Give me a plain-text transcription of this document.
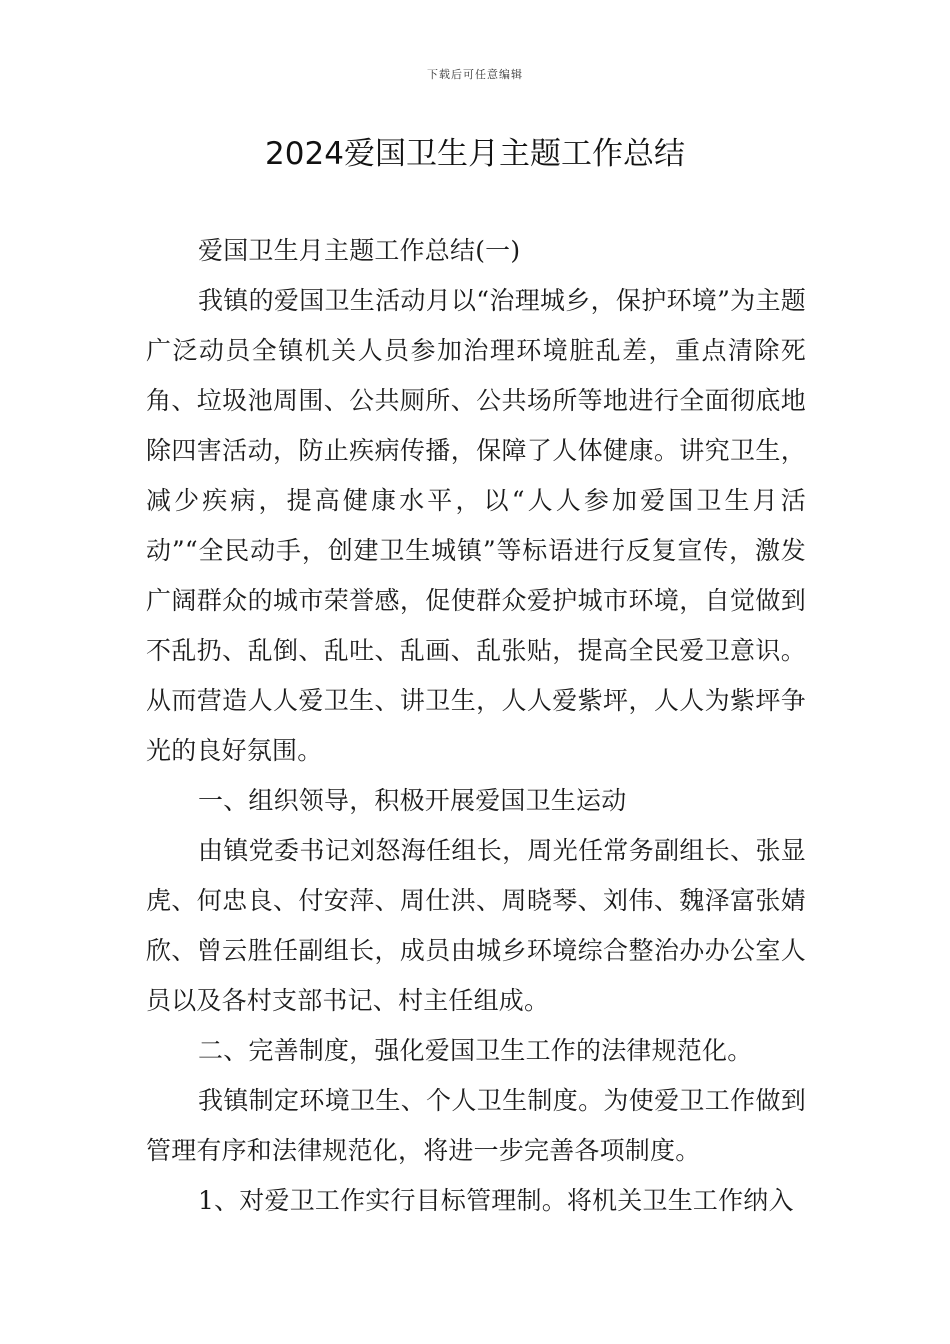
下载后可任意编辑
2024爱国卫生月主题工作总结

爱国卫生月主题工作总结(一)

我镇的爱国卫生活动月以“治理城乡，保护环境”为主题广泛动员全镇机关人员参加治理环境脏乱差，重点清除死角、垃圾池周围、公共厕所、公共场所等地进行全面彻底地除四害活动，防止疾病传播，保障了人体健康。讲究卫生，减少疾病，提高健康水平，以“人人参加爱国卫生月活动”“全民动手，创建卫生城镇”等标语进行反复宣传，激发广阔群众的城市荣誉感，促使群众爱护城市环境，自觉做到不乱扔、乱倒、乱吐、乱画、乱张贴，提高全民爱卫意识。从而营造人人爱卫生、讲卫生，人人爱紫坪，人人为紫坪争光的良好氛围。

一、组织领导，积极开展爱国卫生运动

由镇党委书记刘怒海任组长，周光任常务副组长、张显虎、何忠良、付安萍、周仕洪、周晓琴、刘伟、魏泽富张婧欣、曾云胜任副组长，成员由城乡环境综合整治办办公室人员以及各村支部书记、村主任组成。

二、完善制度，强化爱国卫生工作的法律规范化。

我镇制定环境卫生、个人卫生制度。为使爱卫工作做到管理有序和法律规范化，将进一步完善各项制度。

1、对爱卫工作实行目标管理制。将机关卫生工作纳入
